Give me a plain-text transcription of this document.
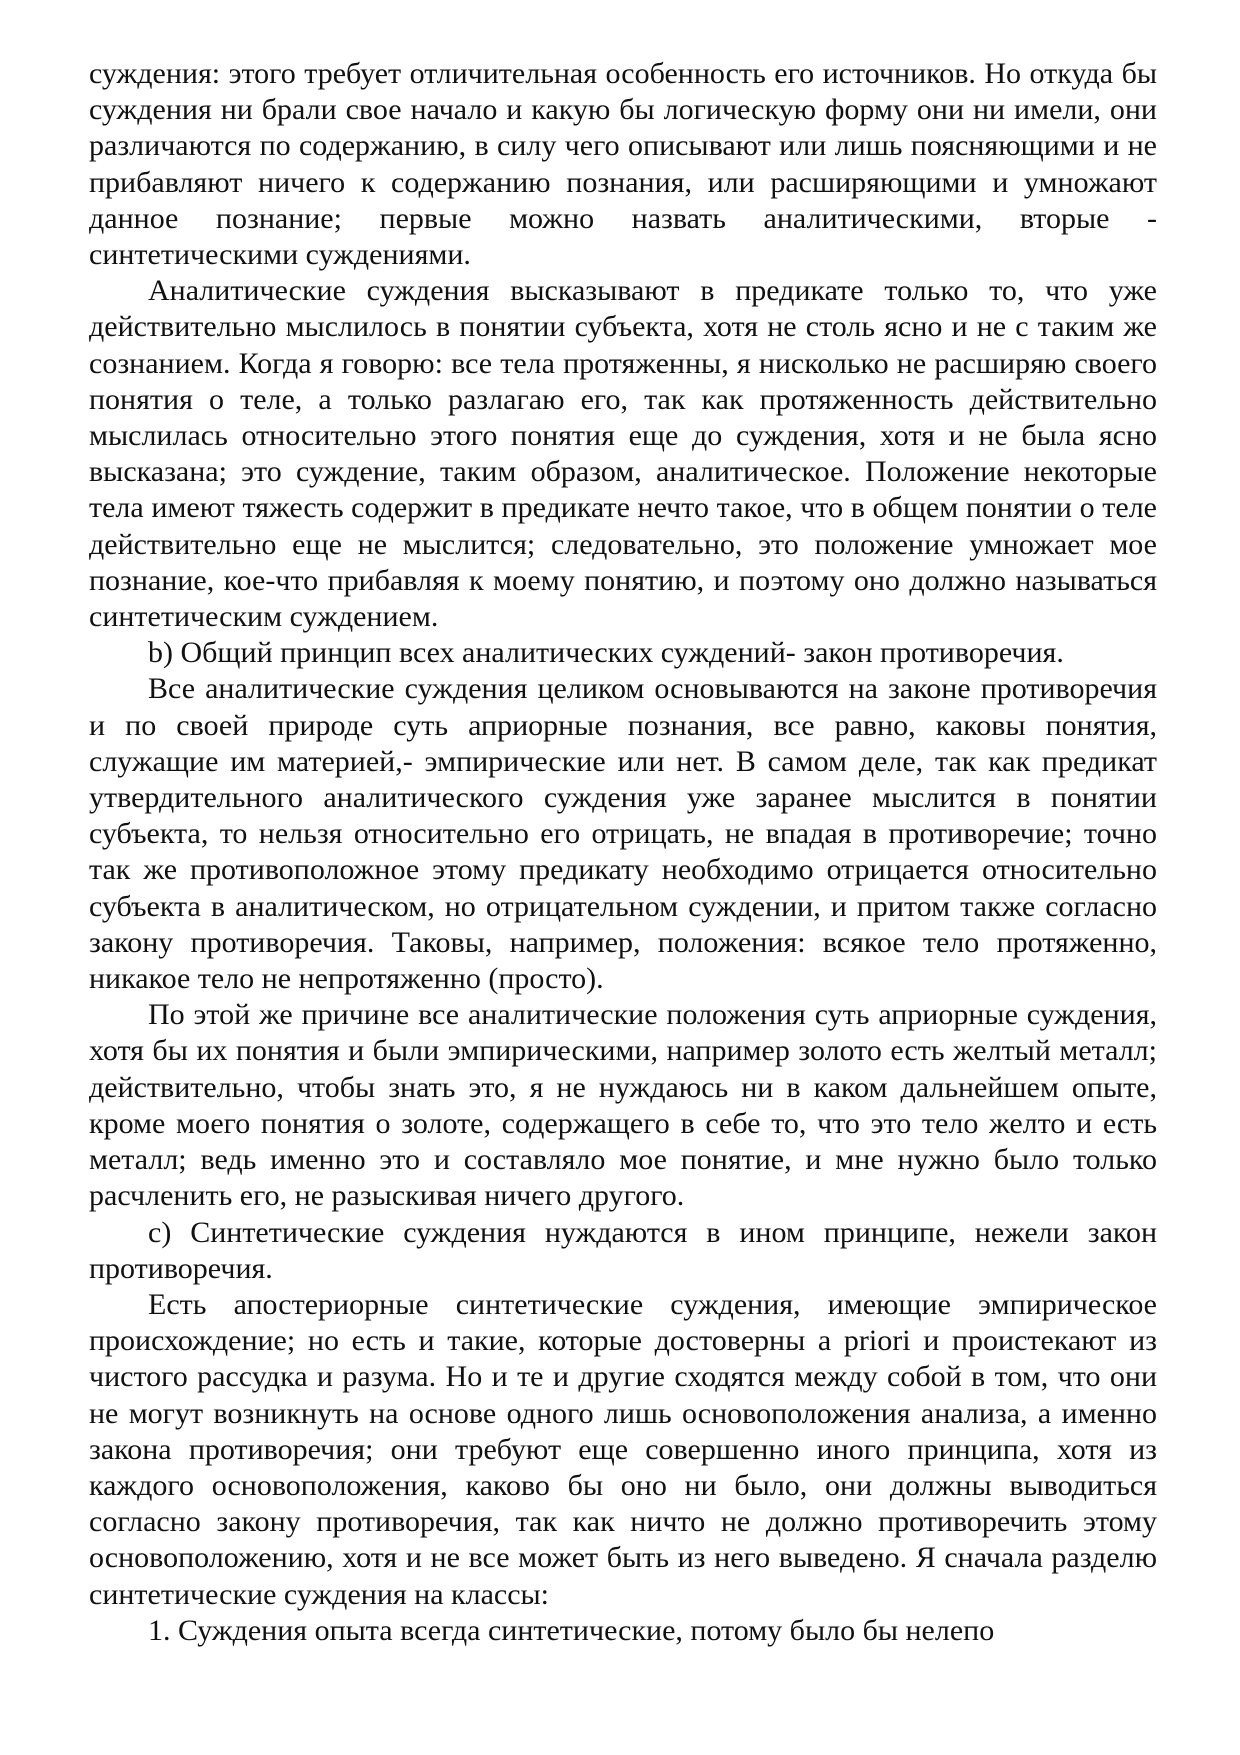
суждения: этого требует отличительная особенность его источников. Но откуда бы суждения ни брали свое начало и какую бы логическую форму они ни имели, они различаются по содержанию, в силу чего описывают или лишь поясняющими и не прибавляют ничего к содержанию познания, или расширяющими и умножают данное познание; первые можно назвать аналитическими, вторые - синтетическими суждениями.

Аналитические суждения высказывают в предикате только то, что уже действительно мыслилось в понятии субъекта, хотя не столь ясно и не с таким же сознанием. Когда я говорю: все тела протяженны, я нисколько не расширяю своего понятия о теле, а только разлагаю его, так как протяженность действительно мыслилась относительно этого понятия еще до суждения, хотя и не была ясно высказана; это суждение, таким образом, аналитическое. Положение некоторые тела имеют тяжесть содержит в предикате нечто такое, что в общем понятии о теле действительно еще не мыслится; следовательно, это положение умножает мое познание, кое-что прибавляя к моему понятию, и поэтому оно должно называться синтетическим суждением.

b) Общий принцип всех аналитических суждений- закон противоречия.

Все аналитические суждения целиком основываются на законе противоречия и по своей природе суть априорные познания, все равно, каковы понятия, служащие им материей,- эмпирические или нет. В самом деле, так как предикат утвердительного аналитического суждения уже заранее мыслится в понятии субъекта, то нельзя относительно его отрицать, не впадая в противоречие; точно так же противоположное этому предикату необходимо отрицается относительно субъекта в аналитическом, но отрицательном суждении, и притом также согласно закону противоречия. Таковы, например, положения: всякое тело протяженно, никакое тело не непротяженно (просто).

По этой же причине все аналитические положения суть априорные суждения, хотя бы их понятия и были эмпирическими, например золото есть желтый металл; действительно, чтобы знать это, я не нуждаюсь ни в каком дальнейшем опыте, кроме моего понятия о золоте, содержащего в себе то, что это тело желто и есть металл; ведь именно это и составляло мое понятие, и мне нужно было только расчленить его, не разыскивая ничего другого.

с) Синтетические суждения нуждаются в ином принципе, нежели закон противоречия.

Есть апостериорные синтетические суждения, имеющие эмпирическое происхождение; но есть и такие, которые достоверны a priori и проистекают из чистого рассудка и разума. Но и те и другие сходятся между собой в том, что они не могут возникнуть на основе одного лишь основоположения анализа, а именно закона противоречия; они требуют еще совершенно иного принципа, хотя из каждого основоположения, каково бы оно ни было, они должны выводиться согласно закону противоречия, так как ничто не должно противоречить этому основоположению, хотя и не все может быть из него выведено. Я сначала разделю синтетические суждения на классы:

1. Суждения опыта всегда синтетические, потому было бы нелепо
